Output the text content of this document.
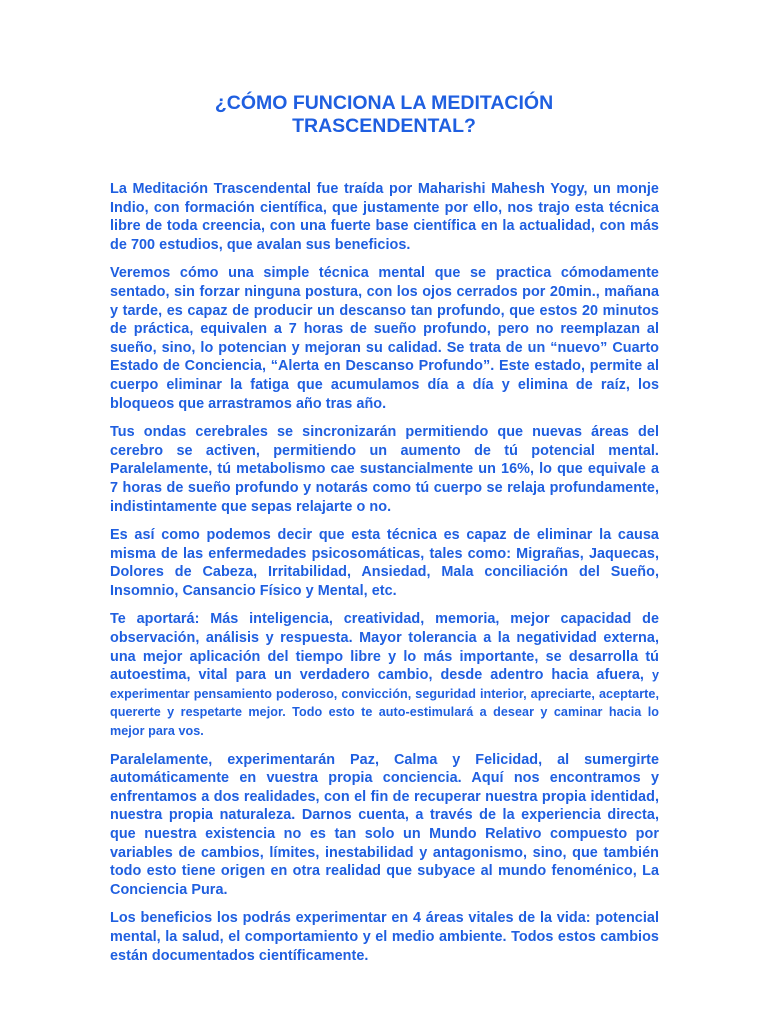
¿CÓMO FUNCIONA LA MEDITACIÓN
TRASCENDENTAL?

La Meditación Trascendental fue traída por Maharishi Mahesh Yogy, un monje Indio, con formación científica, que justamente por ello, nos trajo esta técnica libre de toda creencia, con una fuerte base científica en la actualidad, con más de 700 estudios, que avalan sus beneficios.

Veremos cómo una simple técnica mental que se practica cómodamente sentado, sin forzar ninguna postura, con los ojos cerrados por 20min., mañana y tarde, es capaz de producir un descanso tan profundo, que estos 20 minutos de práctica, equivalen a 7 horas de sueño profundo, pero no reemplazan al sueño, sino, lo potencian y mejoran su calidad. Se trata de un “nuevo” Cuarto Estado de Conciencia, “Alerta en Descanso Profundo”. Este estado, permite al cuerpo eliminar la fatiga que acumulamos día a día y elimina de raíz, los bloqueos que arrastramos año tras año.

Tus ondas cerebrales se sincronizarán permitiendo que nuevas áreas del cerebro se activen, permitiendo un aumento de tú potencial mental. Paralelamente, tú metabolismo cae sustancialmente un 16%, lo que equivale a 7 horas de sueño profundo y notarás como tú cuerpo se relaja profundamente, indistintamente que sepas relajarte o no.

Es así como podemos decir que esta técnica es capaz de eliminar la causa misma de las enfermedades psicosomáticas, tales como: Migrañas, Jaquecas, Dolores de Cabeza, Irritabilidad, Ansiedad, Mala conciliación del Sueño, Insomnio, Cansancio Físico y Mental, etc.

Te aportará: Más inteligencia, creatividad, memoria, mejor capacidad de observación, análisis y respuesta. Mayor tolerancia a la negatividad externa, una mejor aplicación del tiempo libre y lo más importante, se desarrolla tú autoestima, vital para un verdadero cambio, desde adentro hacia afuera, y experimentar pensamiento poderoso, convicción, seguridad interior, apreciarte, aceptarte, quererte y respetarte mejor. Todo esto te auto-estimulará a desear y caminar hacia lo mejor para vos.

Paralelamente, experimentarán Paz, Calma y Felicidad, al sumergirte automáticamente en vuestra propia conciencia. Aquí nos encontramos y enfrentamos a dos realidades, con el fin de recuperar nuestra propia identidad, nuestra propia naturaleza. Darnos cuenta, a través de la experiencia directa, que nuestra existencia no es tan solo un Mundo Relativo compuesto por variables de cambios, límites, inestabilidad y antagonismo, sino, que también todo esto tiene origen en otra realidad que subyace al mundo fenoménico, La Conciencia Pura.

Los beneficios los podrás experimentar en 4 áreas vitales de la vida: potencial mental, la salud, el comportamiento y el medio ambiente. Todos estos cambios están documentados científicamente.
